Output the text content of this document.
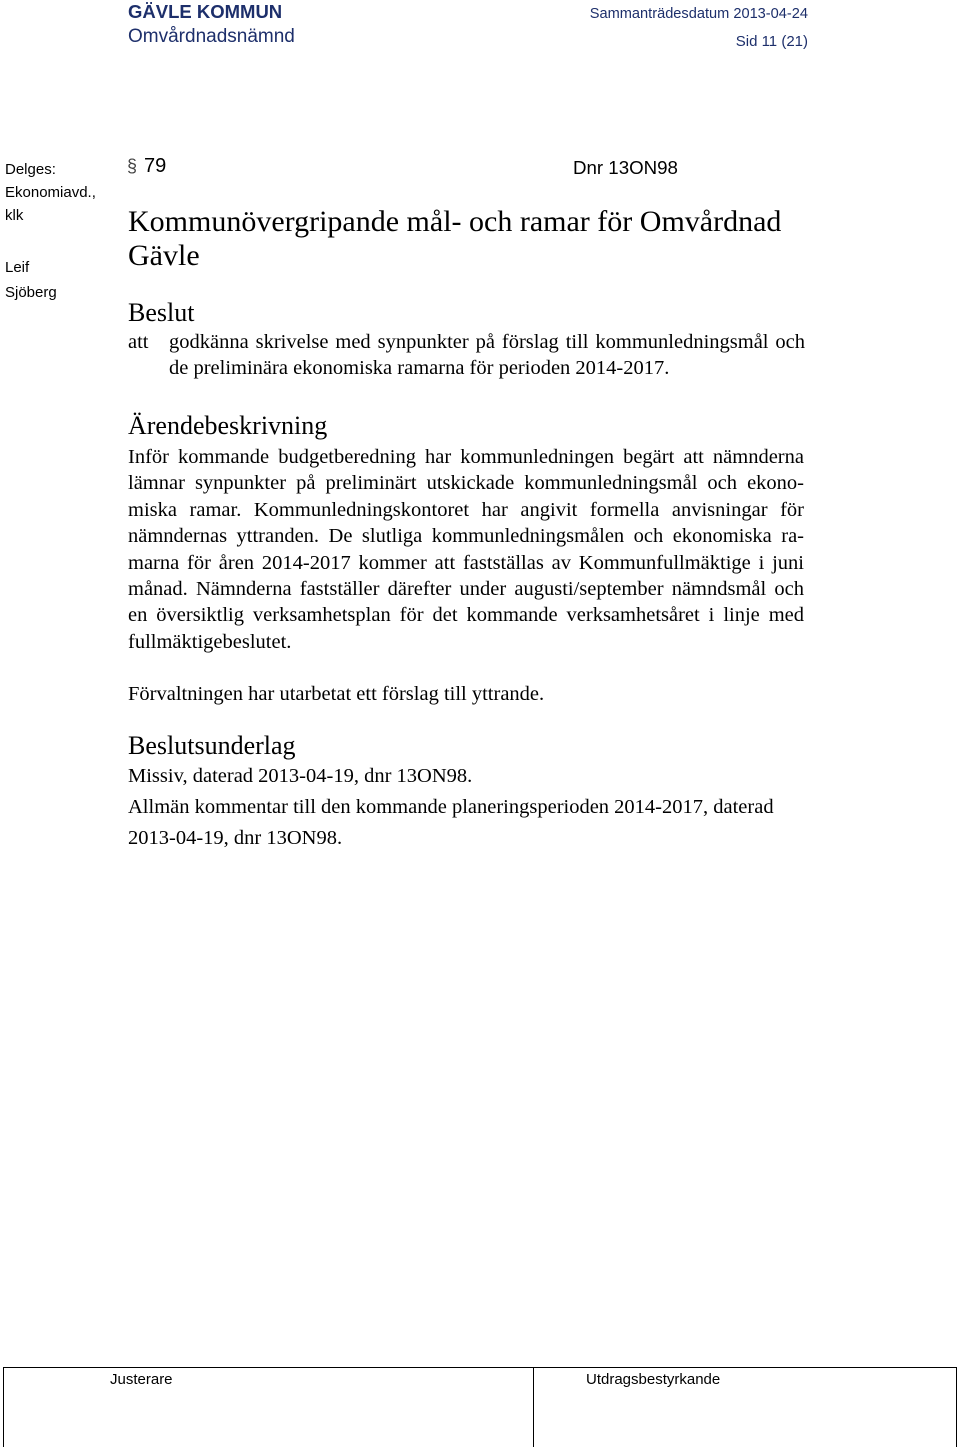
GÄVLE KOMMUN
Omvårdnadsnämnd
Sammanträdesdatum 2013-04-24
Sid 11 (21)
Delges:
Ekonomiavd.,
klk
Leif
Sjöberg
§ 79	Dnr 13ON98
Kommunövergripande mål- och ramar för Omvårdnad
Gävle
Beslut
att godkänna skrivelse med synpunkter på förslag till kommunledningsmål och
de preliminära ekonomiska ramarna för perioden 2014-2017.
Ärendebeskrivning
Inför kommande budgetberedning har kommunledningen begärt att nämnderna
lämnar synpunkter på preliminärt utskickade kommunledningsmål och ekono-
miska ramar. Kommunledningskontoret har angivit formella anvisningar för
nämndernas yttranden. De slutliga kommunledningsmålen och ekonomiska ra-
marna för åren 2014-2017 kommer att fastställas av Kommunfullmäktige i juni
månad. Nämnderna fastställer därefter under augusti/september nämndsmål och
en översiktlig verksamhetsplan för det kommande verksamhetsåret i linje med
fullmäktigebeslutet.
Förvaltningen har utarbetat ett förslag till yttrande.
Beslutsunderlag
Missiv, daterad 2013-04-19, dnr 13ON98.
Allmän kommentar till den kommande planeringsperioden 2014-2017, daterad
2013-04-19, dnr 13ON98.
Justerare	Utdragsbestyrkande
